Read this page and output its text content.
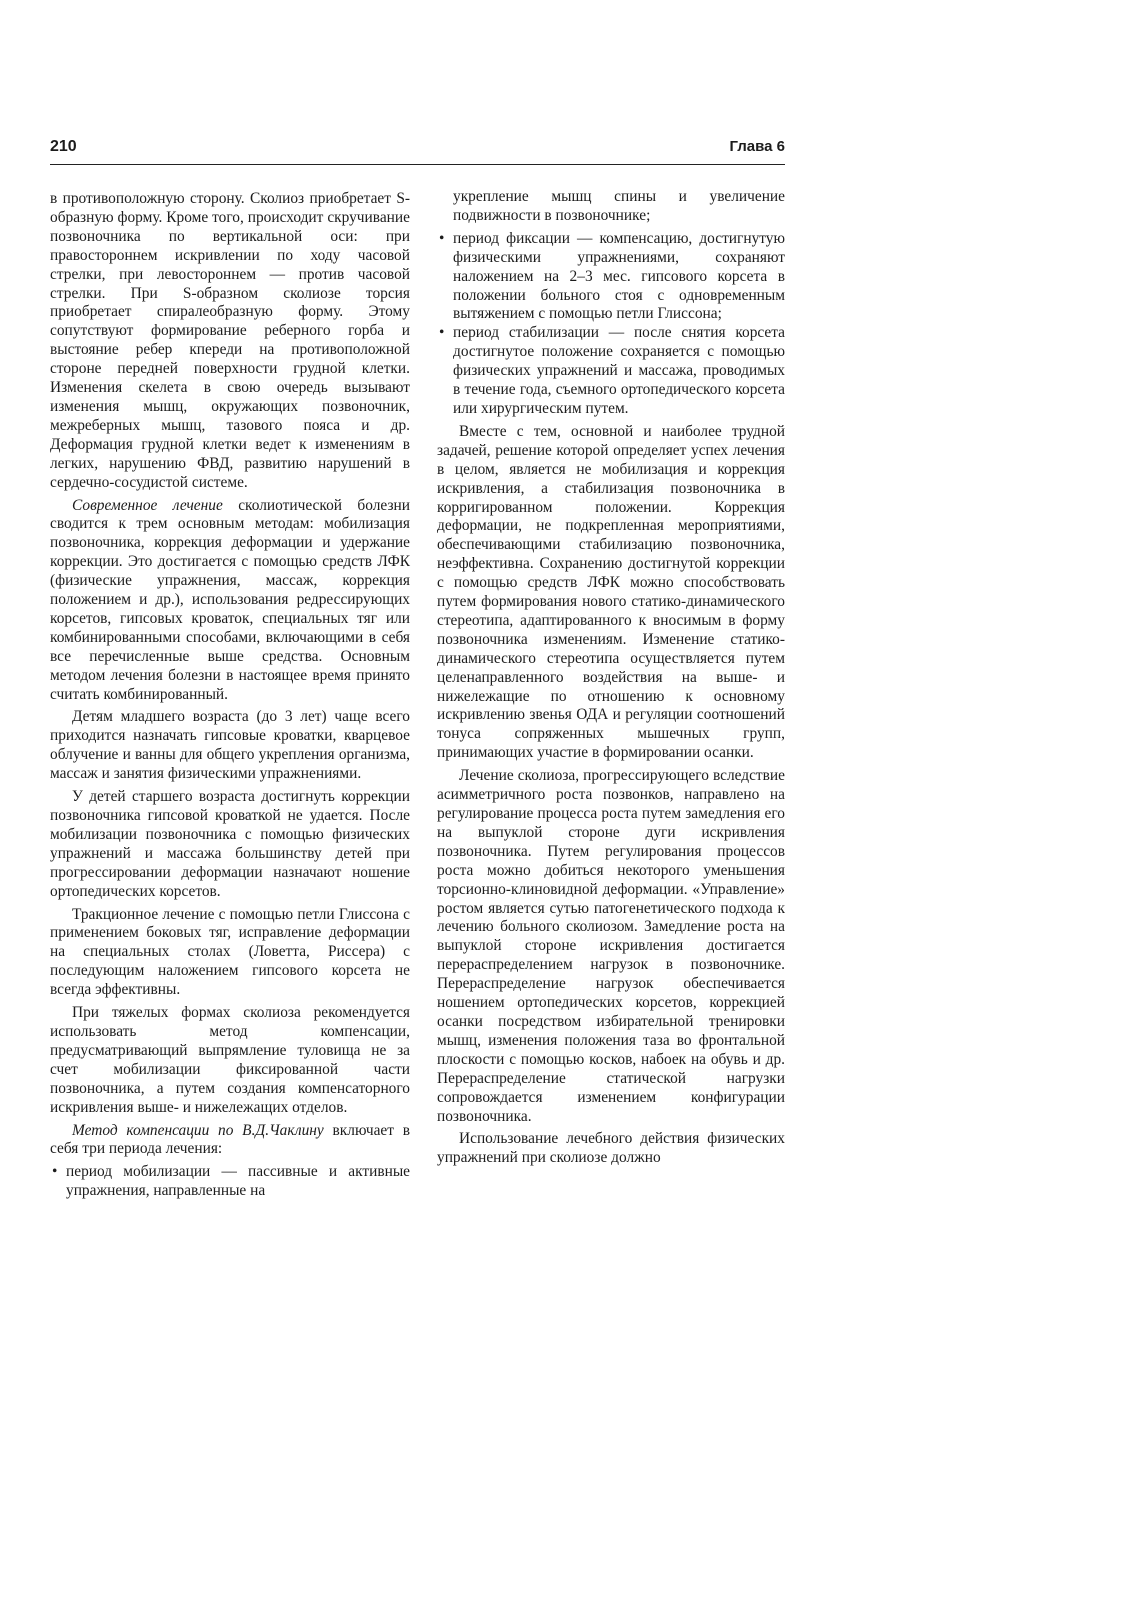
210	Глава 6

в противоположную сторону. Сколиоз приобретает S-образную форму. Кроме того, происходит скручивание позвоночника по вертикальной оси: при правостороннем искривлении по ходу часовой стрелки, при левостороннем — против часовой стрелки. При S-образном сколиозе торсия приобретает спиралеобразную форму. Этому сопутствуют формирование реберного горба и выстояние ребер кпереди на противоположной стороне передней поверхности грудной клетки. Изменения скелета в свою очередь вызывают изменения мышц, окружающих позвоночник, межреберных мышц, тазового пояса и др. Деформация грудной клетки ведет к изменениям в легких, нарушению ФВД, развитию нарушений в сердечно-сосудистой системе.

Современное лечение сколиотической болезни сводится к трем основным методам: мобилизация позвоночника, коррекция деформации и удержание коррекции. Это достигается с помощью средств ЛФК (физические упражнения, массаж, коррекция положением и др.), использования редрессирующих корсетов, гипсовых кроваток, специальных тяг или комбинированными способами, включающими в себя все перечисленные выше средства. Основным методом лечения болезни в настоящее время принято считать комбинированный.

Детям младшего возраста (до 3 лет) чаще всего приходится назначать гипсовые кроватки, кварцевое облучение и ванны для общего укрепления организма, массаж и занятия физическими упражнениями.

У детей старшего возраста достигнуть коррекции позвоночника гипсовой кроваткой не удается. После мобилизации позвоночника с помощью физических упражнений и массажа большинству детей при прогрессировании деформации назначают ношение ортопедических корсетов.

Тракционное лечение с помощью петли Глиссона с применением боковых тяг, исправление деформации на специальных столах (Ловетта, Риссера) с последующим наложением гипсового корсета не всегда эффективны.

При тяжелых формах сколиоза рекомендуется использовать метод компенсации, предусматривающий выпрямление туловища не за счет мобилизации фиксированной части позвоночника, а путем создания компенсаторного искривления выше- и нижележащих отделов.

Метод компенсации по В.Д.Чаклину включает в себя три периода лечения:

• период мобилизации — пассивные и активные упражнения, направленные на

укрепление мышц спины и увеличение подвижности в позвоночнике;

• период фиксации — компенсацию, достигнутую физическими упражнениями, сохраняют наложением на 2–3 мес. гипсового корсета в положении больного стоя с одновременным вытяжением с помощью петли Глиссона;
• период стабилизации — после снятия корсета достигнутое положение сохраняется с помощью физических упражнений и массажа, проводимых в течение года, съемного ортопедического корсета или хирургическим путем.

Вместе с тем, основной и наиболее трудной задачей, решение которой определяет успех лечения в целом, является не мобилизация и коррекция искривления, а стабилизация позвоночника в корригированном положении. Коррекция деформации, не подкрепленная мероприятиями, обеспечивающими стабилизацию позвоночника, неэффективна. Сохранению достигнутой коррекции с помощью средств ЛФК можно способствовать путем формирования нового статико-динамического стереотипа, адаптированного к вносимым в форму позвоночника изменениям. Изменение статико-динамического стереотипа осуществляется путем целенаправленного воздействия на выше- и нижележащие по отношению к основному искривлению звенья ОДА и регуляции соотношений тонуса сопряженных мышечных групп, принимающих участие в формировании осанки.

Лечение сколиоза, прогрессирующего вследствие асимметричного роста позвонков, направлено на регулирование процесса роста путем замедления его на выпуклой стороне дуги искривления позвоночника. Путем регулирования процессов роста можно добиться некоторого уменьшения торсионно-клиновидной деформации. «Управление» ростом является сутью патогенетического подхода к лечению больного сколиозом. Замедление роста на выпуклой стороне искривления достигается перераспределением нагрузок в позвоночнике. Перераспределение нагрузок обеспечивается ношением ортопедических корсетов, коррекцией осанки посредством избирательной тренировки мышц, изменения положения таза во фронтальной плоскости с помощью косков, набоек на обувь и др. Перераспределение статической нагрузки сопровождается изменением конфигурации позвоночника.

Использование лечебного действия физических упражнений при сколиозе должно
